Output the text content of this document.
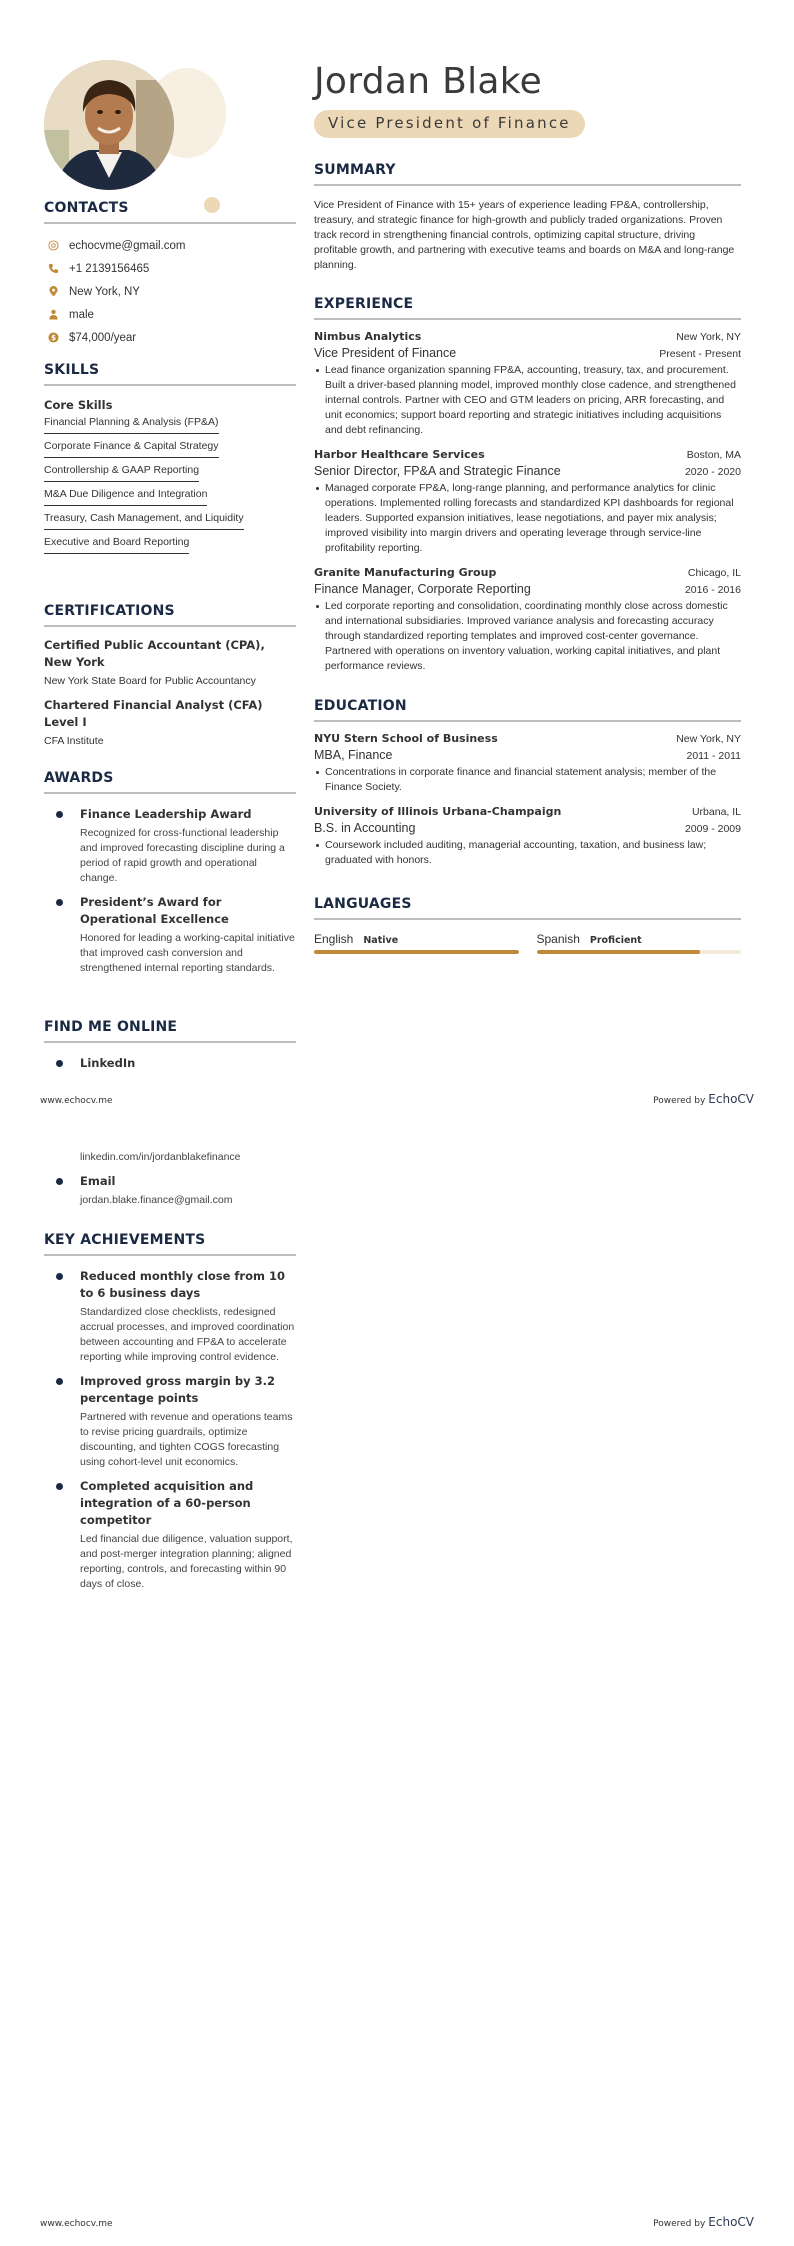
CONTACTS
echocvme@gmail.com
+1 2139156465
New York, NY
male
$ $74,000/year
SKILLS
Core Skills
Financial Planning & Analysis (FP&A)
Corporate Finance & Capital Strategy
Controllership & GAAP Reporting
M&A Due Diligence and Integration
Treasury, Cash Management, and Liquidity
Executive and Board Reporting
CERTIFICATIONS
Certified Public Accountant (CPA), New York
New York State Board for Public Accountancy
Chartered Financial Analyst (CFA) Level I
CFA Institute
AWARDS
Finance Leadership Award
Recognized for cross-functional leadership and improved forecasting discipline during a period of rapid growth and operational change.
President’s Award for Operational Excellence
Honored for leading a working-capital initiative that improved cash conversion and strengthened internal reporting standards.
FIND ME ONLINE
LinkedIn
Jordan Blake
Vice President of Finance
SUMMARY

Vice President of Finance with 15+ years of experience leading FP&A, controllership, treasury, and strategic finance for high-growth and publicly traded organizations. Proven track record in strengthening financial controls, optimizing capital structure, driving profitable growth, and partnering with executive teams and boards on M&A and long-range planning.

EXPERIENCE
Nimbus Analytics	New York, NY
Vice President of Finance	Present - Present
Lead finance organization spanning FP&A, accounting, treasury, tax, and procurement. Built a driver-based planning model, improved monthly close cadence, and strengthened internal controls. Partner with CEO and GTM leaders on pricing, ARR forecasting, and unit economics; support board reporting and strategic initiatives including acquisitions and debt refinancing.
Harbor Healthcare Services	Boston, MA
Senior Director, FP&A and Strategic Finance	2020 - 2020
Managed corporate FP&A, long-range planning, and performance analytics for clinic operations. Implemented rolling forecasts and standardized KPI dashboards for regional leaders. Supported expansion initiatives, lease negotiations, and payer mix analysis; improved visibility into margin drivers and operating leverage through service-line profitability reporting.
Granite Manufacturing Group	Chicago, IL
Finance Manager, Corporate Reporting	2016 - 2016
Led corporate reporting and consolidation, coordinating monthly close across domestic and international subsidiaries. Improved variance analysis and forecasting accuracy through standardized reporting templates and improved cost-center governance. Partnered with operations on inventory valuation, working capital initiatives, and plant performance reviews.
EDUCATION
NYU Stern School of Business	New York, NY
MBA, Finance	2011 - 2011
Concentrations in corporate finance and financial statement analysis; member of the Finance Society.
University of Illinois Urbana-Champaign	Urbana, IL
B.S. in Accounting	2009 - 2009
Coursework included auditing, managerial accounting, taxation, and business law; graduated with honors.
LANGUAGES
English Native	Spanish Proficient
www.echocv.me	Powered by EchoCV
www.echocv.me	Powered by EchoCV
linkedin.com/in/jordanblakefinance
Email
jordan.blake.finance@gmail.com
KEY ACHIEVEMENTS
Reduced monthly close from 10 to 6 business days
Standardized close checklists, redesigned accrual processes, and improved coordination between accounting and FP&A to accelerate reporting while improving control evidence.
Improved gross margin by 3.2 percentage points
Partnered with revenue and operations teams to revise pricing guardrails, optimize discounting, and tighten COGS forecasting using cohort-level unit economics.
Completed acquisition and integration of a 60-person competitor
Led financial due diligence, valuation support, and post-merger integration planning; aligned reporting, controls, and forecasting within 90 days of close.
